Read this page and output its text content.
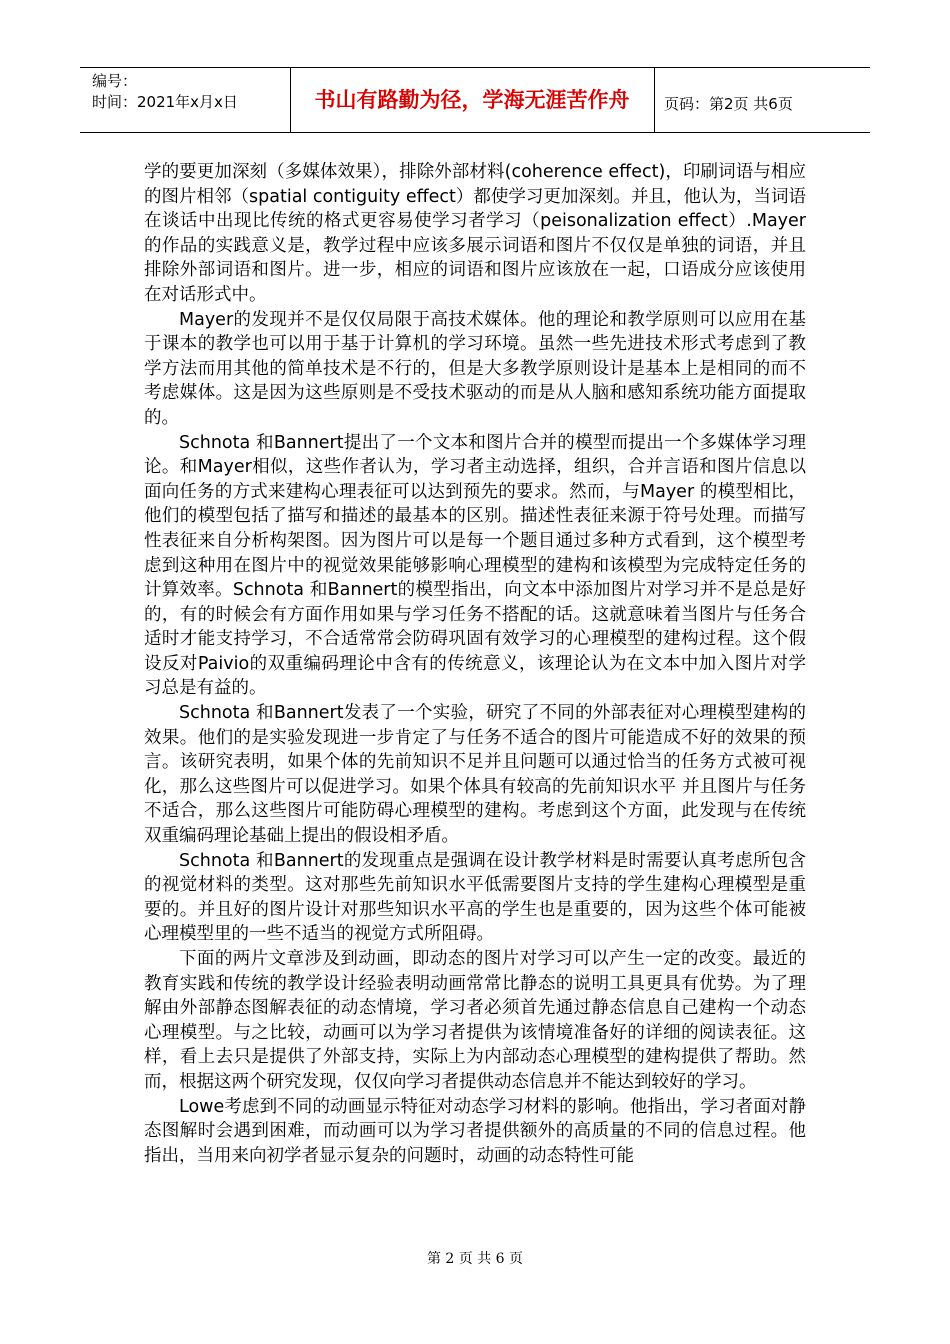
编号：
时间：2021年x月x日	书山有路勤为径，学海无涯苦作舟	页码：第2页 共6页

学的要更加深刻（多媒体效果），排除外部材料(coherence effect)，印刷词语与相应的图片相邻（spatial contiguity effect）都使学习更加深刻。并且，他认为，当词语在谈话中出现比传统的格式更容易使学习者学习（peisonalization effect）.Mayer的作品的实践意义是，教学过程中应该多展示词语和图片不仅仅是单独的词语，并且排除外部词语和图片。进一步，相应的词语和图片应该放在一起，口语成分应该使用在对话形式中。

Mayer的发现并不是仅仅局限于高技术媒体。他的理论和教学原则可以应用在基于课本的教学也可以用于基于计算机的学习环境。虽然一些先进技术形式考虑到了教学方法而用其他的简单技术是不行的，但是大多教学原则设计是基本上是相同的而不考虑媒体。这是因为这些原则是不受技术驱动的而是从人脑和感知系统功能方面提取的。

Schnota 和Bannert提出了一个文本和图片合并的模型而提出一个多媒体学习理论。和Mayer相似，这些作者认为，学习者主动选择，组织，合并言语和图片信息以面向任务的方式来建构心理表征可以达到预先的要求。然而，与Mayer 的模型相比，他们的模型包括了描写和描述的最基本的区别。描述性表征来源于符号处理。而描写性表征来自分析构架图。因为图片可以是每一个题目通过多种方式看到，这个模型考虑到这种用在图片中的视觉效果能够影响心理模型的建构和该模型为完成特定任务的计算效率。Schnota 和Bannert的模型指出，向文本中添加图片对学习并不是总是好的，有的时候会有方面作用如果与学习任务不搭配的话。这就意味着当图片与任务合适时才能支持学习，不合适常常会防碍巩固有效学习的心理模型的建构过程。这个假设反对Paivio的双重编码理论中含有的传统意义，该理论认为在文本中加入图片对学习总是有益的。

Schnota 和Bannert发表了一个实验，研究了不同的外部表征对心理模型建构的效果。他们的是实验发现进一步肯定了与任务不适合的图片可能造成不好的效果的预言。该研究表明，如果个体的先前知识不足并且问题可以通过恰当的任务方式被可视化，那么这些图片可以促进学习。如果个体具有较高的先前知识水平 并且图片与任务不适合，那么这些图片可能防碍心理模型的建构。考虑到这个方面，此发现与在传统双重编码理论基础上提出的假设相矛盾。

Schnota 和Bannert的发现重点是强调在设计教学材料是时需要认真考虑所包含的视觉材料的类型。这对那些先前知识水平低需要图片支持的学生建构心理模型是重要的。并且好的图片设计对那些知识水平高的学生也是重要的，因为这些个体可能被心理模型里的一些不适当的视觉方式所阻碍。

下面的两片文章涉及到动画，即动态的图片对学习可以产生一定的改变。最近的教育实践和传统的教学设计经验表明动画常常比静态的说明工具更具有优势。为了理解由外部静态图解表征的动态情境，学习者必须首先通过静态信息自己建构一个动态心理模型。与之比较，动画可以为学习者提供为该情境准备好的详细的阅读表征。这样，看上去只是提供了外部支持，实际上为内部动态心理模型的建构提供了帮助。然而，根据这两个研究发现，仅仅向学习者提供动态信息并不能达到较好的学习。

Lowe考虑到不同的动画显示特征对动态学习材料的影响。他指出，学习者面对静态图解时会遇到困难，而动画可以为学习者提供额外的高质量的不同的信息过程。他指出，当用来向初学者显示复杂的问题时，动画的动态特性可能

第 2 页 共 6 页
